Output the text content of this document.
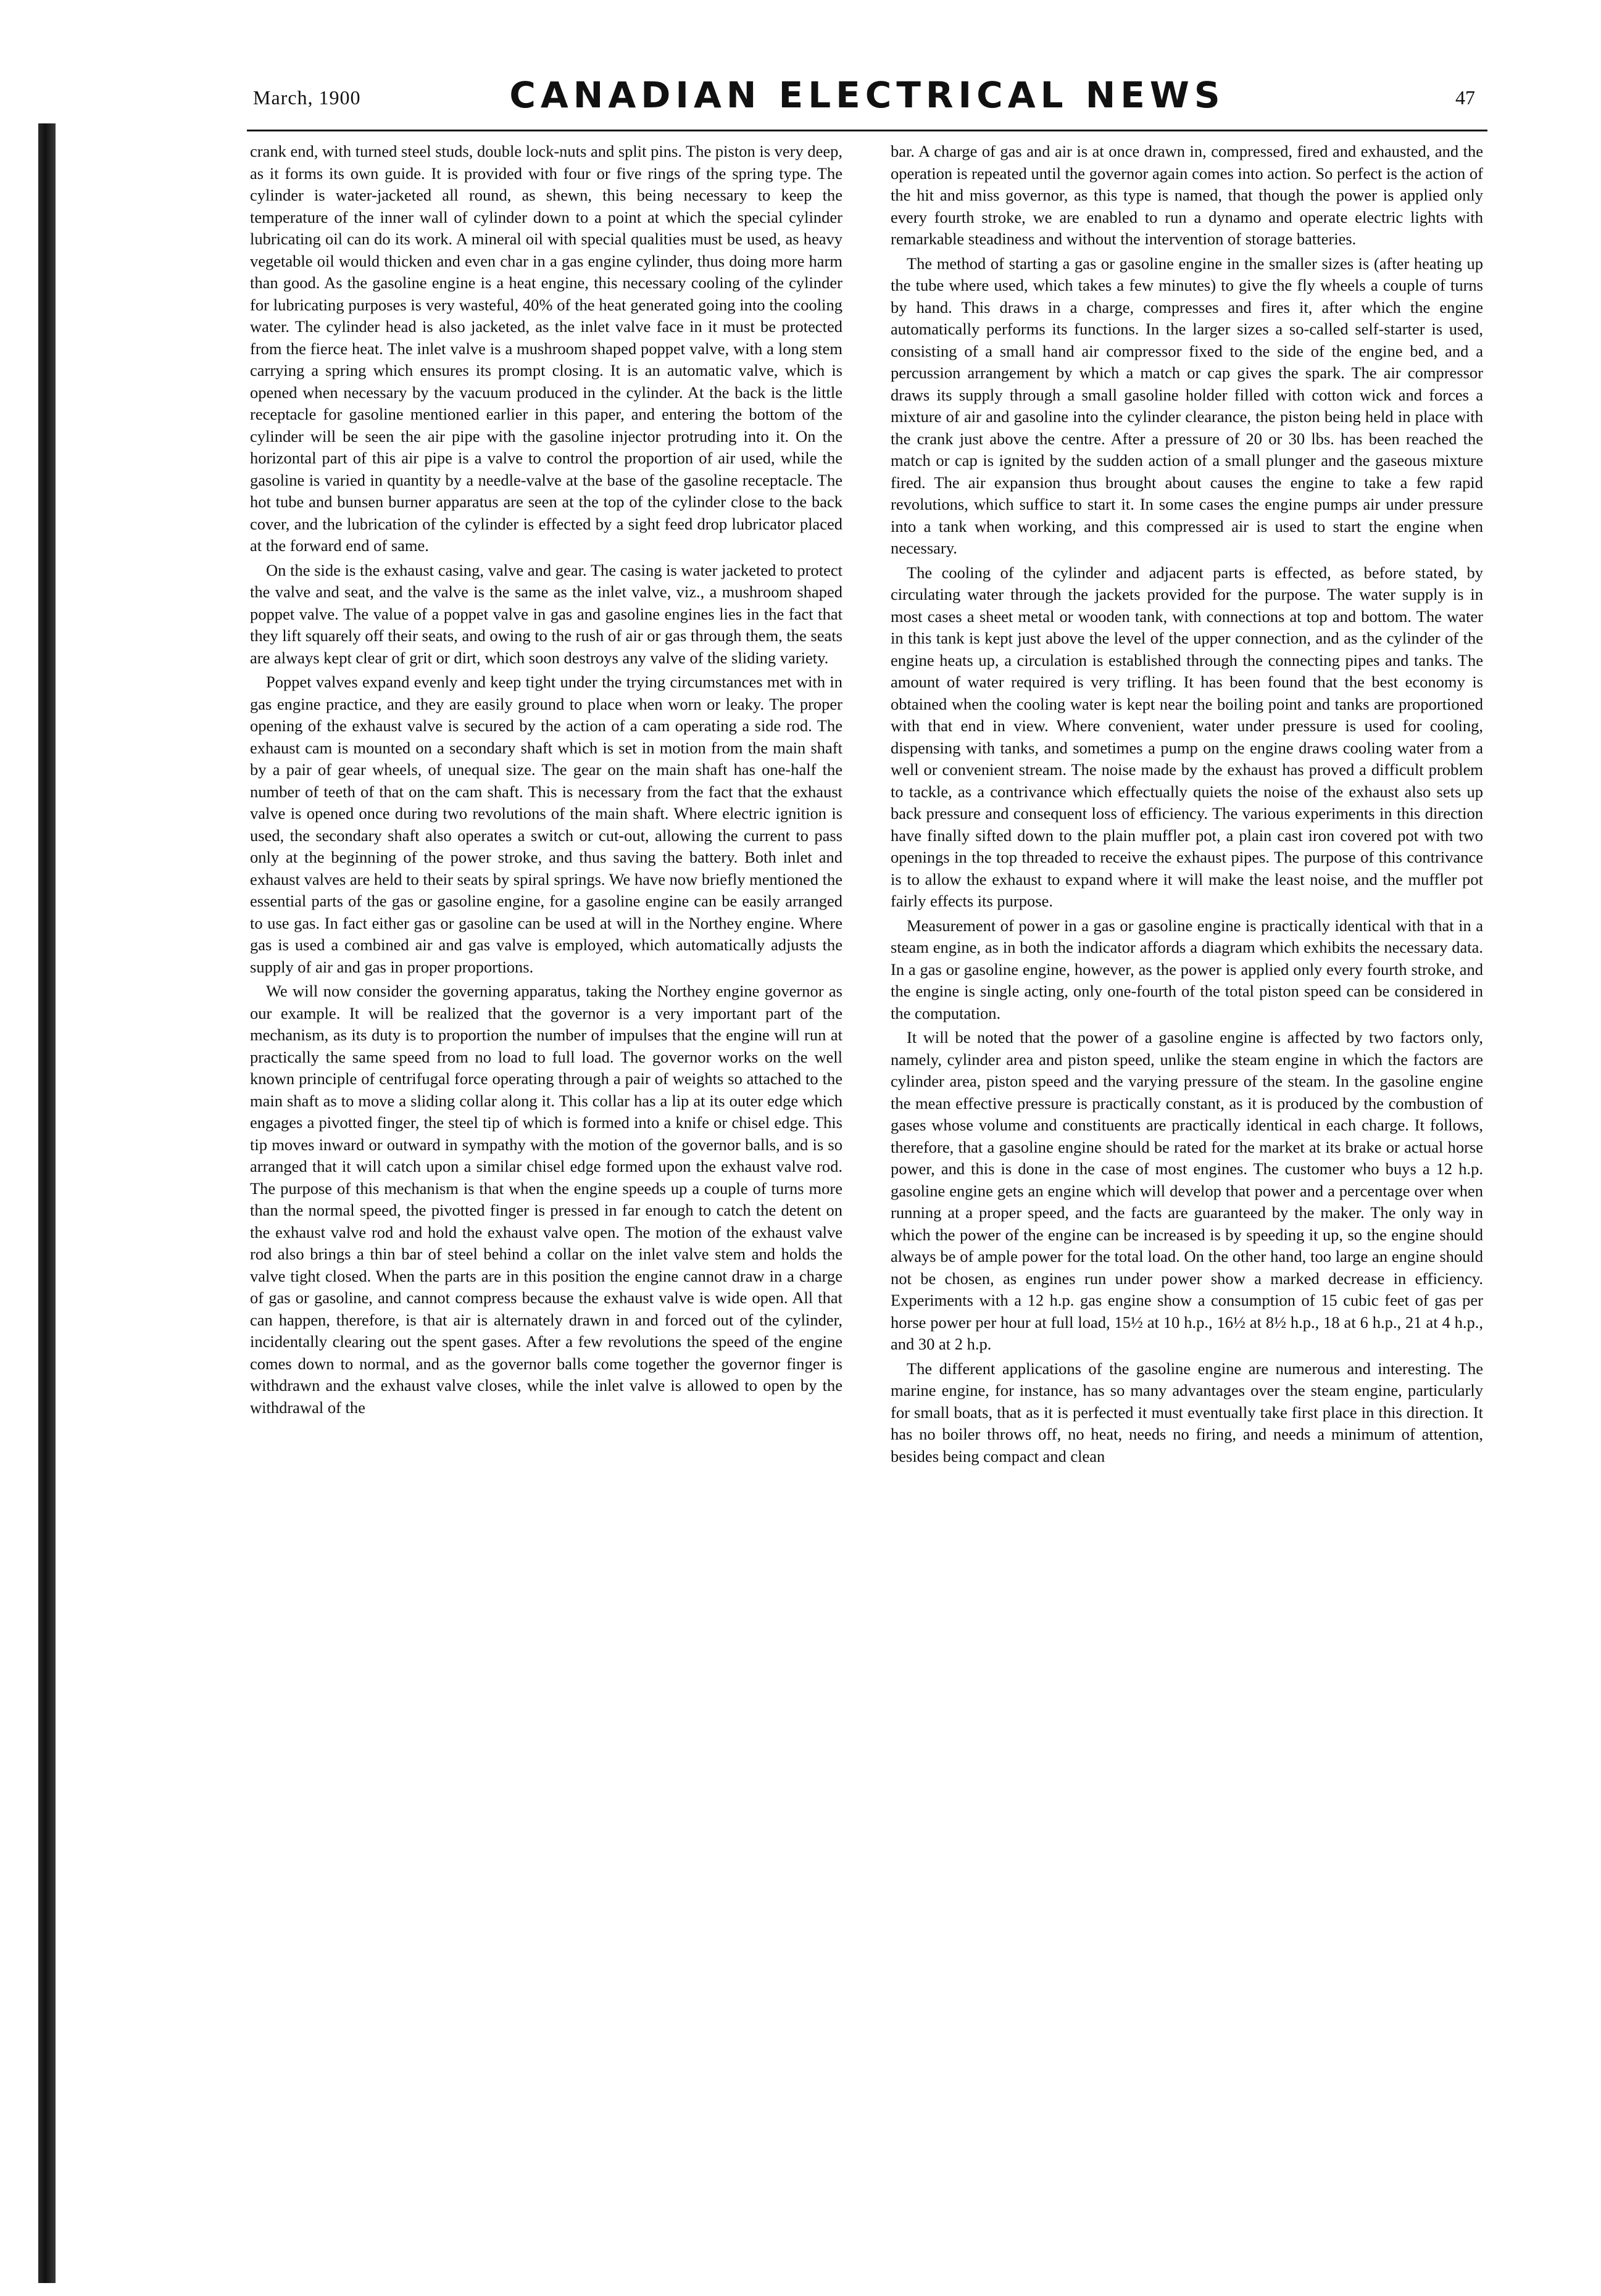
March, 1900	CANADIAN ELECTRICAL NEWS	47

crank end, with turned steel studs, double lock-nuts and split pins. The piston is very deep, as it forms its own guide. It is provided with four or five rings of the spring type. The cylinder is water-jacketed all round, as shewn, this being necessary to keep the temperature of the inner wall of cylinder down to a point at which the special cylinder lubricating oil can do its work. A mineral oil with special qualities must be used, as heavy vegetable oil would thicken and even char in a gas engine cylinder, thus doing more harm than good. As the gasoline engine is a heat engine, this necessary cooling of the cylinder for lubricating purposes is very wasteful, 40% of the heat generated going into the cooling water. The cylinder head is also jacketed, as the inlet valve face in it must be protected from the fierce heat. The inlet valve is a mushroom shaped poppet valve, with a long stem carrying a spring which ensures its prompt closing. It is an automatic valve, which is opened when necessary by the vacuum produced in the cylinder. At the back is the little receptacle for gasoline mentioned earlier in this paper, and entering the bottom of the cylinder will be seen the air pipe with the gasoline injector protruding into it. On the horizontal part of this air pipe is a valve to control the proportion of air used, while the gasoline is varied in quantity by a needle-valve at the base of the gasoline receptacle. The hot tube and bunsen burner apparatus are seen at the top of the cylinder close to the back cover, and the lubrication of the cylinder is effected by a sight feed drop lubricator placed at the forward end of same.

On the side is the exhaust casing, valve and gear. The casing is water jacketed to protect the valve and seat, and the valve is the same as the inlet valve, viz., a mushroom shaped poppet valve. The value of a poppet valve in gas and gasoline engines lies in the fact that they lift squarely off their seats, and owing to the rush of air or gas through them, the seats are always kept clear of grit or dirt, which soon destroys any valve of the sliding variety.

Poppet valves expand evenly and keep tight under the trying circumstances met with in gas engine practice, and they are easily ground to place when worn or leaky. The proper opening of the exhaust valve is secured by the action of a cam operating a side rod. The exhaust cam is mounted on a secondary shaft which is set in motion from the main shaft by a pair of gear wheels, of unequal size. The gear on the main shaft has one-half the number of teeth of that on the cam shaft. This is necessary from the fact that the exhaust valve is opened once during two revolutions of the main shaft. Where electric ignition is used, the secondary shaft also operates a switch or cut-out, allowing the current to pass only at the beginning of the power stroke, and thus saving the battery. Both inlet and exhaust valves are held to their seats by spiral springs. We have now briefly mentioned the essential parts of the gas or gasoline engine, for a gasoline engine can be easily arranged to use gas. In fact either gas or gasoline can be used at will in the Northey engine. Where gas is used a combined air and gas valve is employed, which automatically adjusts the supply of air and gas in proper proportions.

We will now consider the governing apparatus, taking the Northey engine governor as our example. It will be realized that the governor is a very important part of the mechanism, as its duty is to proportion the number of impulses that the engine will run at practically the same speed from no load to full load. The governor works on the well known principle of centrifugal force operating through a pair of weights so attached to the main shaft as to move a sliding collar along it. This collar has a lip at its outer edge which engages a pivotted finger, the steel tip of which is formed into a knife or chisel edge. This tip moves inward or outward in sympathy with the motion of the governor balls, and is so arranged that it will catch upon a similar chisel edge formed upon the exhaust valve rod. The purpose of this mechanism is that when the engine speeds up a couple of turns more than the normal speed, the pivotted finger is pressed in far enough to catch the detent on the exhaust valve rod and hold the exhaust valve open. The motion of the exhaust valve rod also brings a thin bar of steel behind a collar on the inlet valve stem and holds the valve tight closed. When the parts are in this position the engine cannot draw in a charge of gas or gasoline, and cannot compress because the exhaust valve is wide open. All that can happen, therefore, is that air is alternately drawn in and forced out of the cylinder, incidentally clearing out the spent gases. After a few revolutions the speed of the engine comes down to normal, and as the governor balls come together the governor finger is withdrawn and the exhaust valve closes, while the inlet valve is allowed to open by the withdrawal of the

bar. A charge of gas and air is at once drawn in, compressed, fired and exhausted, and the operation is repeated until the governor again comes into action. So perfect is the action of the hit and miss governor, as this type is named, that though the power is applied only every fourth stroke, we are enabled to run a dynamo and operate electric lights with remarkable steadiness and without the intervention of storage batteries.

The method of starting a gas or gasoline engine in the smaller sizes is (after heating up the tube where used, which takes a few minutes) to give the fly wheels a couple of turns by hand. This draws in a charge, compresses and fires it, after which the engine automatically performs its functions. In the larger sizes a so-called self-starter is used, consisting of a small hand air compressor fixed to the side of the engine bed, and a percussion arrangement by which a match or cap gives the spark. The air compressor draws its supply through a small gasoline holder filled with cotton wick and forces a mixture of air and gasoline into the cylinder clearance, the piston being held in place with the crank just above the centre. After a pressure of 20 or 30 lbs. has been reached the match or cap is ignited by the sudden action of a small plunger and the gaseous mixture fired. The air expansion thus brought about causes the engine to take a few rapid revolutions, which suffice to start it. In some cases the engine pumps air under pressure into a tank when working, and this compressed air is used to start the engine when necessary.

The cooling of the cylinder and adjacent parts is effected, as before stated, by circulating water through the jackets provided for the purpose. The water supply is in most cases a sheet metal or wooden tank, with connections at top and bottom. The water in this tank is kept just above the level of the upper connection, and as the cylinder of the engine heats up, a circulation is established through the connecting pipes and tanks. The amount of water required is very trifling. It has been found that the best economy is obtained when the cooling water is kept near the boiling point and tanks are proportioned with that end in view. Where convenient, water under pressure is used for cooling, dispensing with tanks, and sometimes a pump on the engine draws cooling water from a well or convenient stream. The noise made by the exhaust has proved a difficult problem to tackle, as a contrivance which effectually quiets the noise of the exhaust also sets up back pressure and consequent loss of efficiency. The various experiments in this direction have finally sifted down to the plain muffler pot, a plain cast iron covered pot with two openings in the top threaded to receive the exhaust pipes. The purpose of this contrivance is to allow the exhaust to expand where it will make the least noise, and the muffler pot fairly effects its purpose.

Measurement of power in a gas or gasoline engine is practically identical with that in a steam engine, as in both the indicator affords a diagram which exhibits the necessary data. In a gas or gasoline engine, however, as the power is applied only every fourth stroke, and the engine is single acting, only one-fourth of the total piston speed can be considered in the computation.

It will be noted that the power of a gasoline engine is affected by two factors only, namely, cylinder area and piston speed, unlike the steam engine in which the factors are cylinder area, piston speed and the varying pressure of the steam. In the gasoline engine the mean effective pressure is practically constant, as it is produced by the combustion of gases whose volume and constituents are practically identical in each charge. It follows, therefore, that a gasoline engine should be rated for the market at its brake or actual horse power, and this is done in the case of most engines. The customer who buys a 12 h.p. gasoline engine gets an engine which will develop that power and a percentage over when running at a proper speed, and the facts are guaranteed by the maker. The only way in which the power of the engine can be increased is by speeding it up, so the engine should always be of ample power for the total load. On the other hand, too large an engine should not be chosen, as engines run under power show a marked decrease in efficiency. Experiments with a 12 h.p. gas engine show a consumption of 15 cubic feet of gas per horse power per hour at full load, 15½ at 10 h.p., 16½ at 8½ h.p., 18 at 6 h.p., 21 at 4 h.p., and 30 at 2 h.p.

The different applications of the gasoline engine are numerous and interesting. The marine engine, for instance, has so many advantages over the steam engine, particularly for small boats, that as it is perfected it must eventually take first place in this direction. It has no boiler throws off, no heat, needs no firing, and needs a minimum of attention, besides being compact and clean
